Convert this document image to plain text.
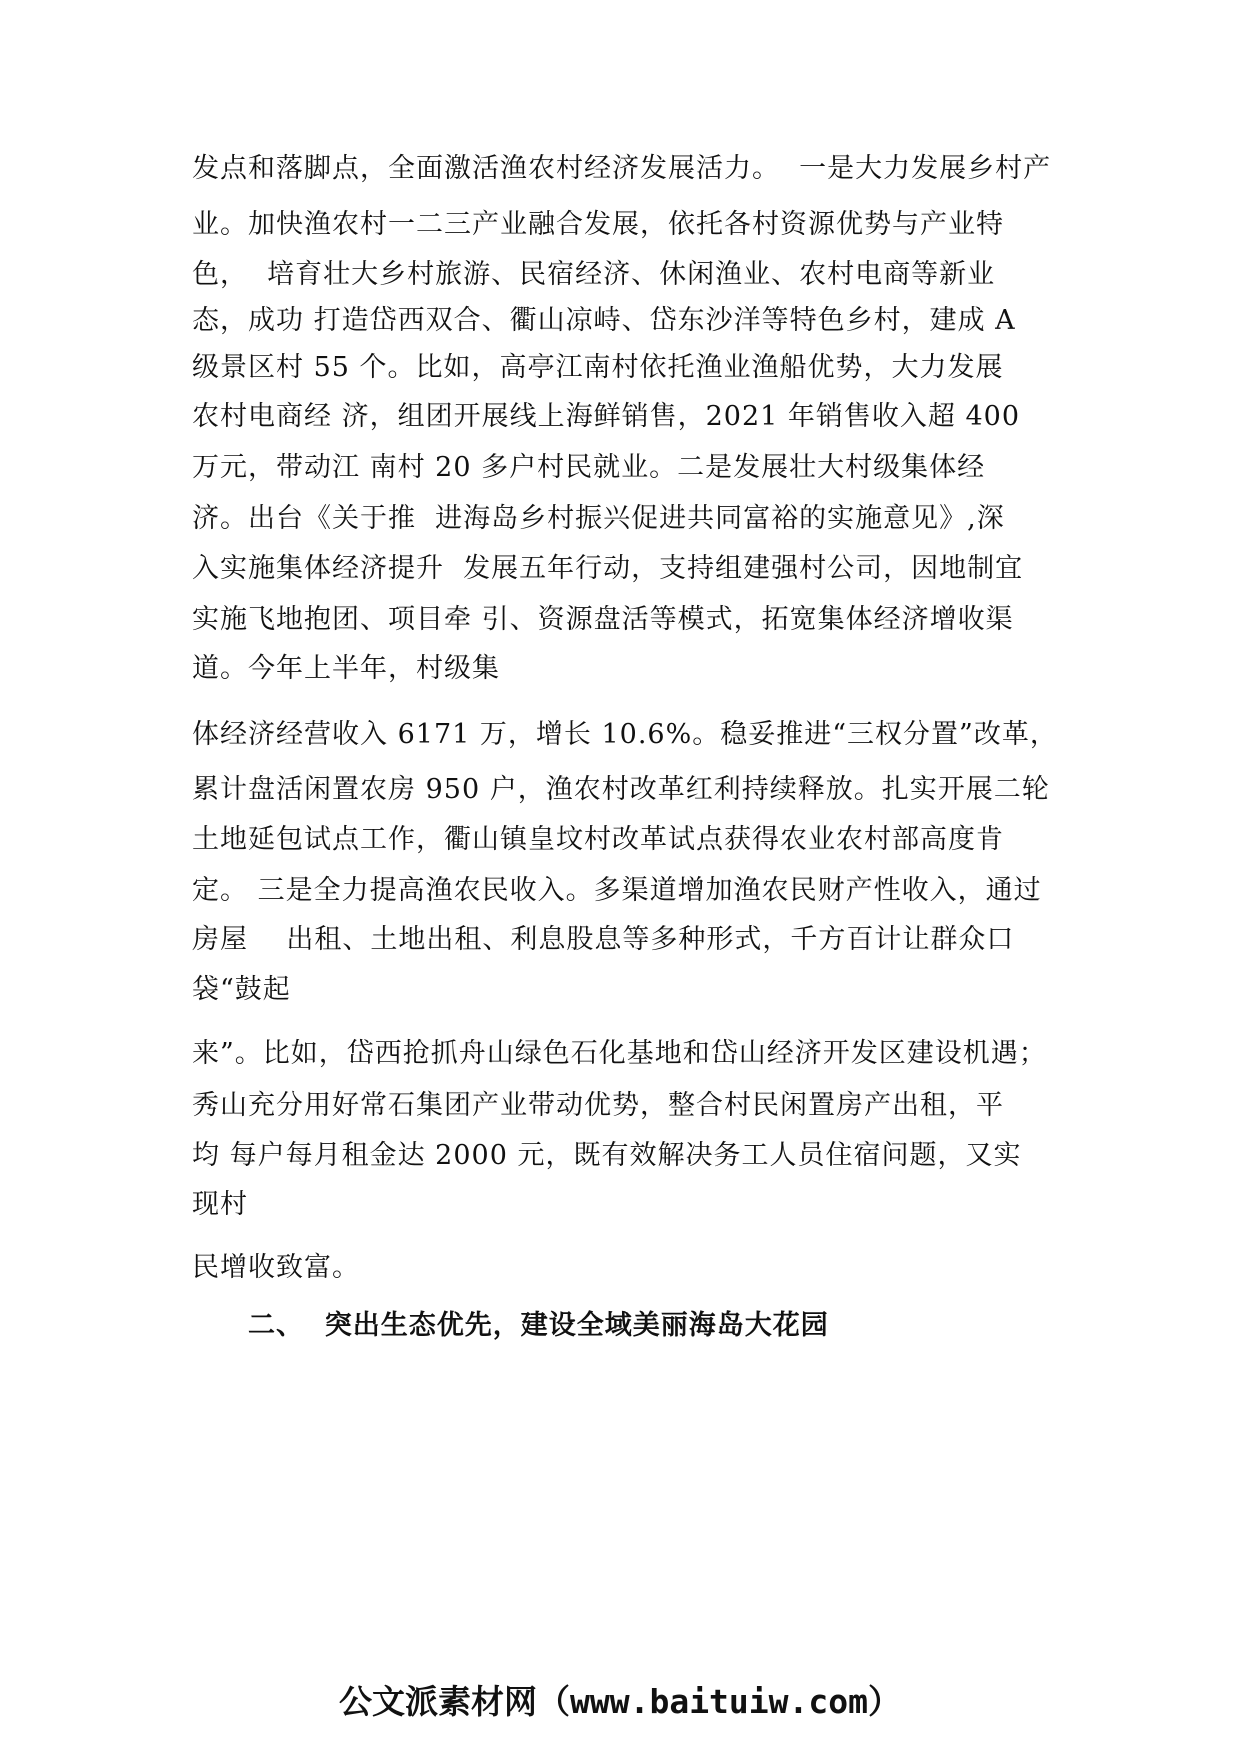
发点和落脚点，全面激活渔农村经济发展活力。  一是大力发展乡村产
业。加快渔农村一二三产业融合发展，依托各村资源优势与产业特
色，  培育壮大乡村旅游、民宿经济、休闲渔业、农村电商等新业
态，成功 打造岱西双合、衢山凉峙、岱东沙洋等特色乡村，建成 A
级景区村 55 个。比如，高亭江南村依托渔业渔船优势，大力发展
农村电商经 济，组团开展线上海鲜销售，2021 年销售收入超 400
万元，带动江 南村 20 多户村民就业。二是发展壮大村级集体经
济。出台《关于推  进海岛乡村振兴促进共同富裕的实施意见》,深
入实施集体经济提升  发展五年行动，支持组建强村公司，因地制宜
实施飞地抱团、项目牵 引、资源盘活等模式，拓宽集体经济增收渠
道。今年上半年，村级集
体经济经营收入 6171 万，增长 10.6%。稳妥推进“三权分置”改革，
累计盘活闲置农房 950 户，渔农村改革红利持续释放。扎实开展二轮
土地延包试点工作，衢山镇皇坟村改革试点获得农业农村部高度肯
定。 三是全力提高渔农民收入。多渠道增加渔农民财产性收入，通过
房屋    出租、土地出租、利息股息等多种形式，千方百计让群众口
袋“鼓起
来”。比如，岱西抢抓舟山绿色石化基地和岱山经济开发区建设机遇；
秀山充分用好常石集团产业带动优势，整合村民闲置房产出租，平
均 每户每月租金达 2000 元，既有效解决务工人员住宿问题，又实
现村
民增收致富。
二、  突出生态优先，建设全域美丽海岛大花园
公文派素材网（www.baituiw.com）
